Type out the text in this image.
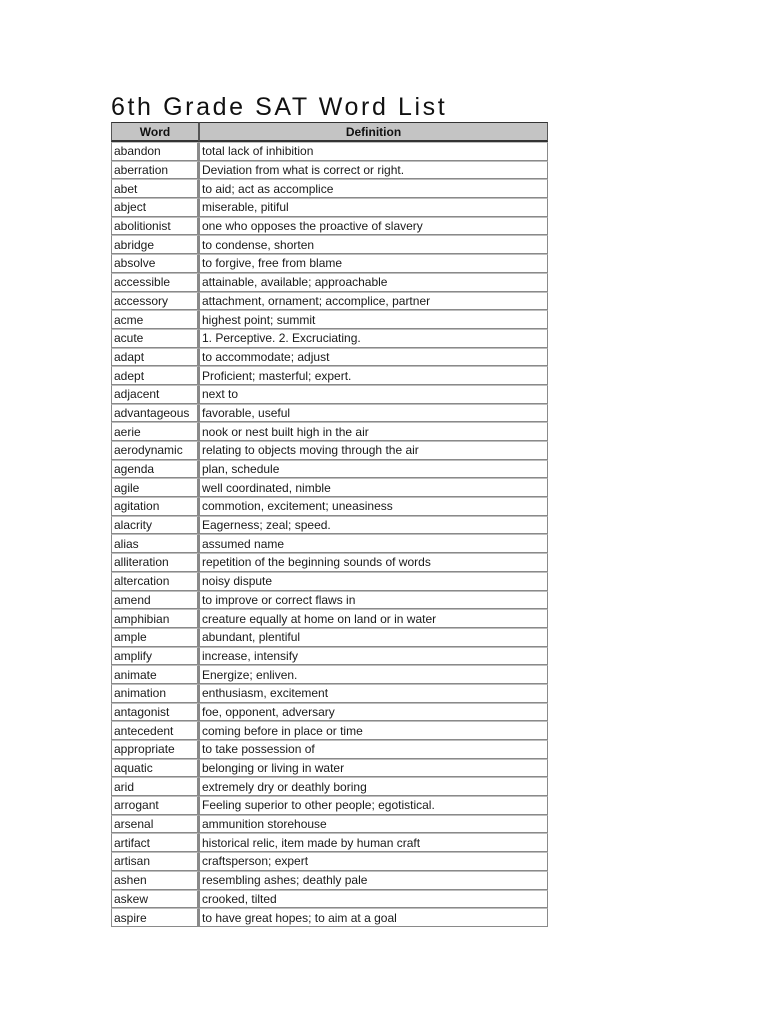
6th Grade SAT Word List
Word	Definition
abandon	total lack of inhibition
aberration	Deviation from what is correct or right.
abet	to aid; act as accomplice
abject	miserable, pitiful
abolitionist	one who opposes the proactive of slavery
abridge	to condense, shorten
absolve	to forgive, free from blame
accessible	attainable, available; approachable
accessory	attachment, ornament; accomplice, partner
acme	highest point; summit
acute	1. Perceptive. 2. Excruciating.
adapt	to accommodate; adjust
adept	Proficient; masterful; expert.
adjacent	next to
advantageous	favorable, useful
aerie	nook or nest built high in the air
aerodynamic	relating to objects moving through the air
agenda	plan, schedule
agile	well coordinated, nimble
agitation	commotion, excitement; uneasiness
alacrity	Eagerness; zeal; speed.
alias	assumed name
alliteration	repetition of the beginning sounds of words
altercation	noisy dispute
amend	to improve or correct flaws in
amphibian	creature equally at home on land or in water
ample	abundant, plentiful
amplify	increase, intensify
animate	Energize; enliven.
animation	enthusiasm, excitement
antagonist	foe, opponent, adversary
antecedent	coming before in place or time
appropriate	to take possession of
aquatic	belonging or living in water
arid	extremely dry or deathly boring
arrogant	Feeling superior to other people; egotistical.
arsenal	ammunition storehouse
artifact	historical relic, item made by human craft
artisan	craftsperson; expert
ashen	resembling ashes; deathly pale
askew	crooked, tilted
aspire	to have great hopes; to aim at a goal
